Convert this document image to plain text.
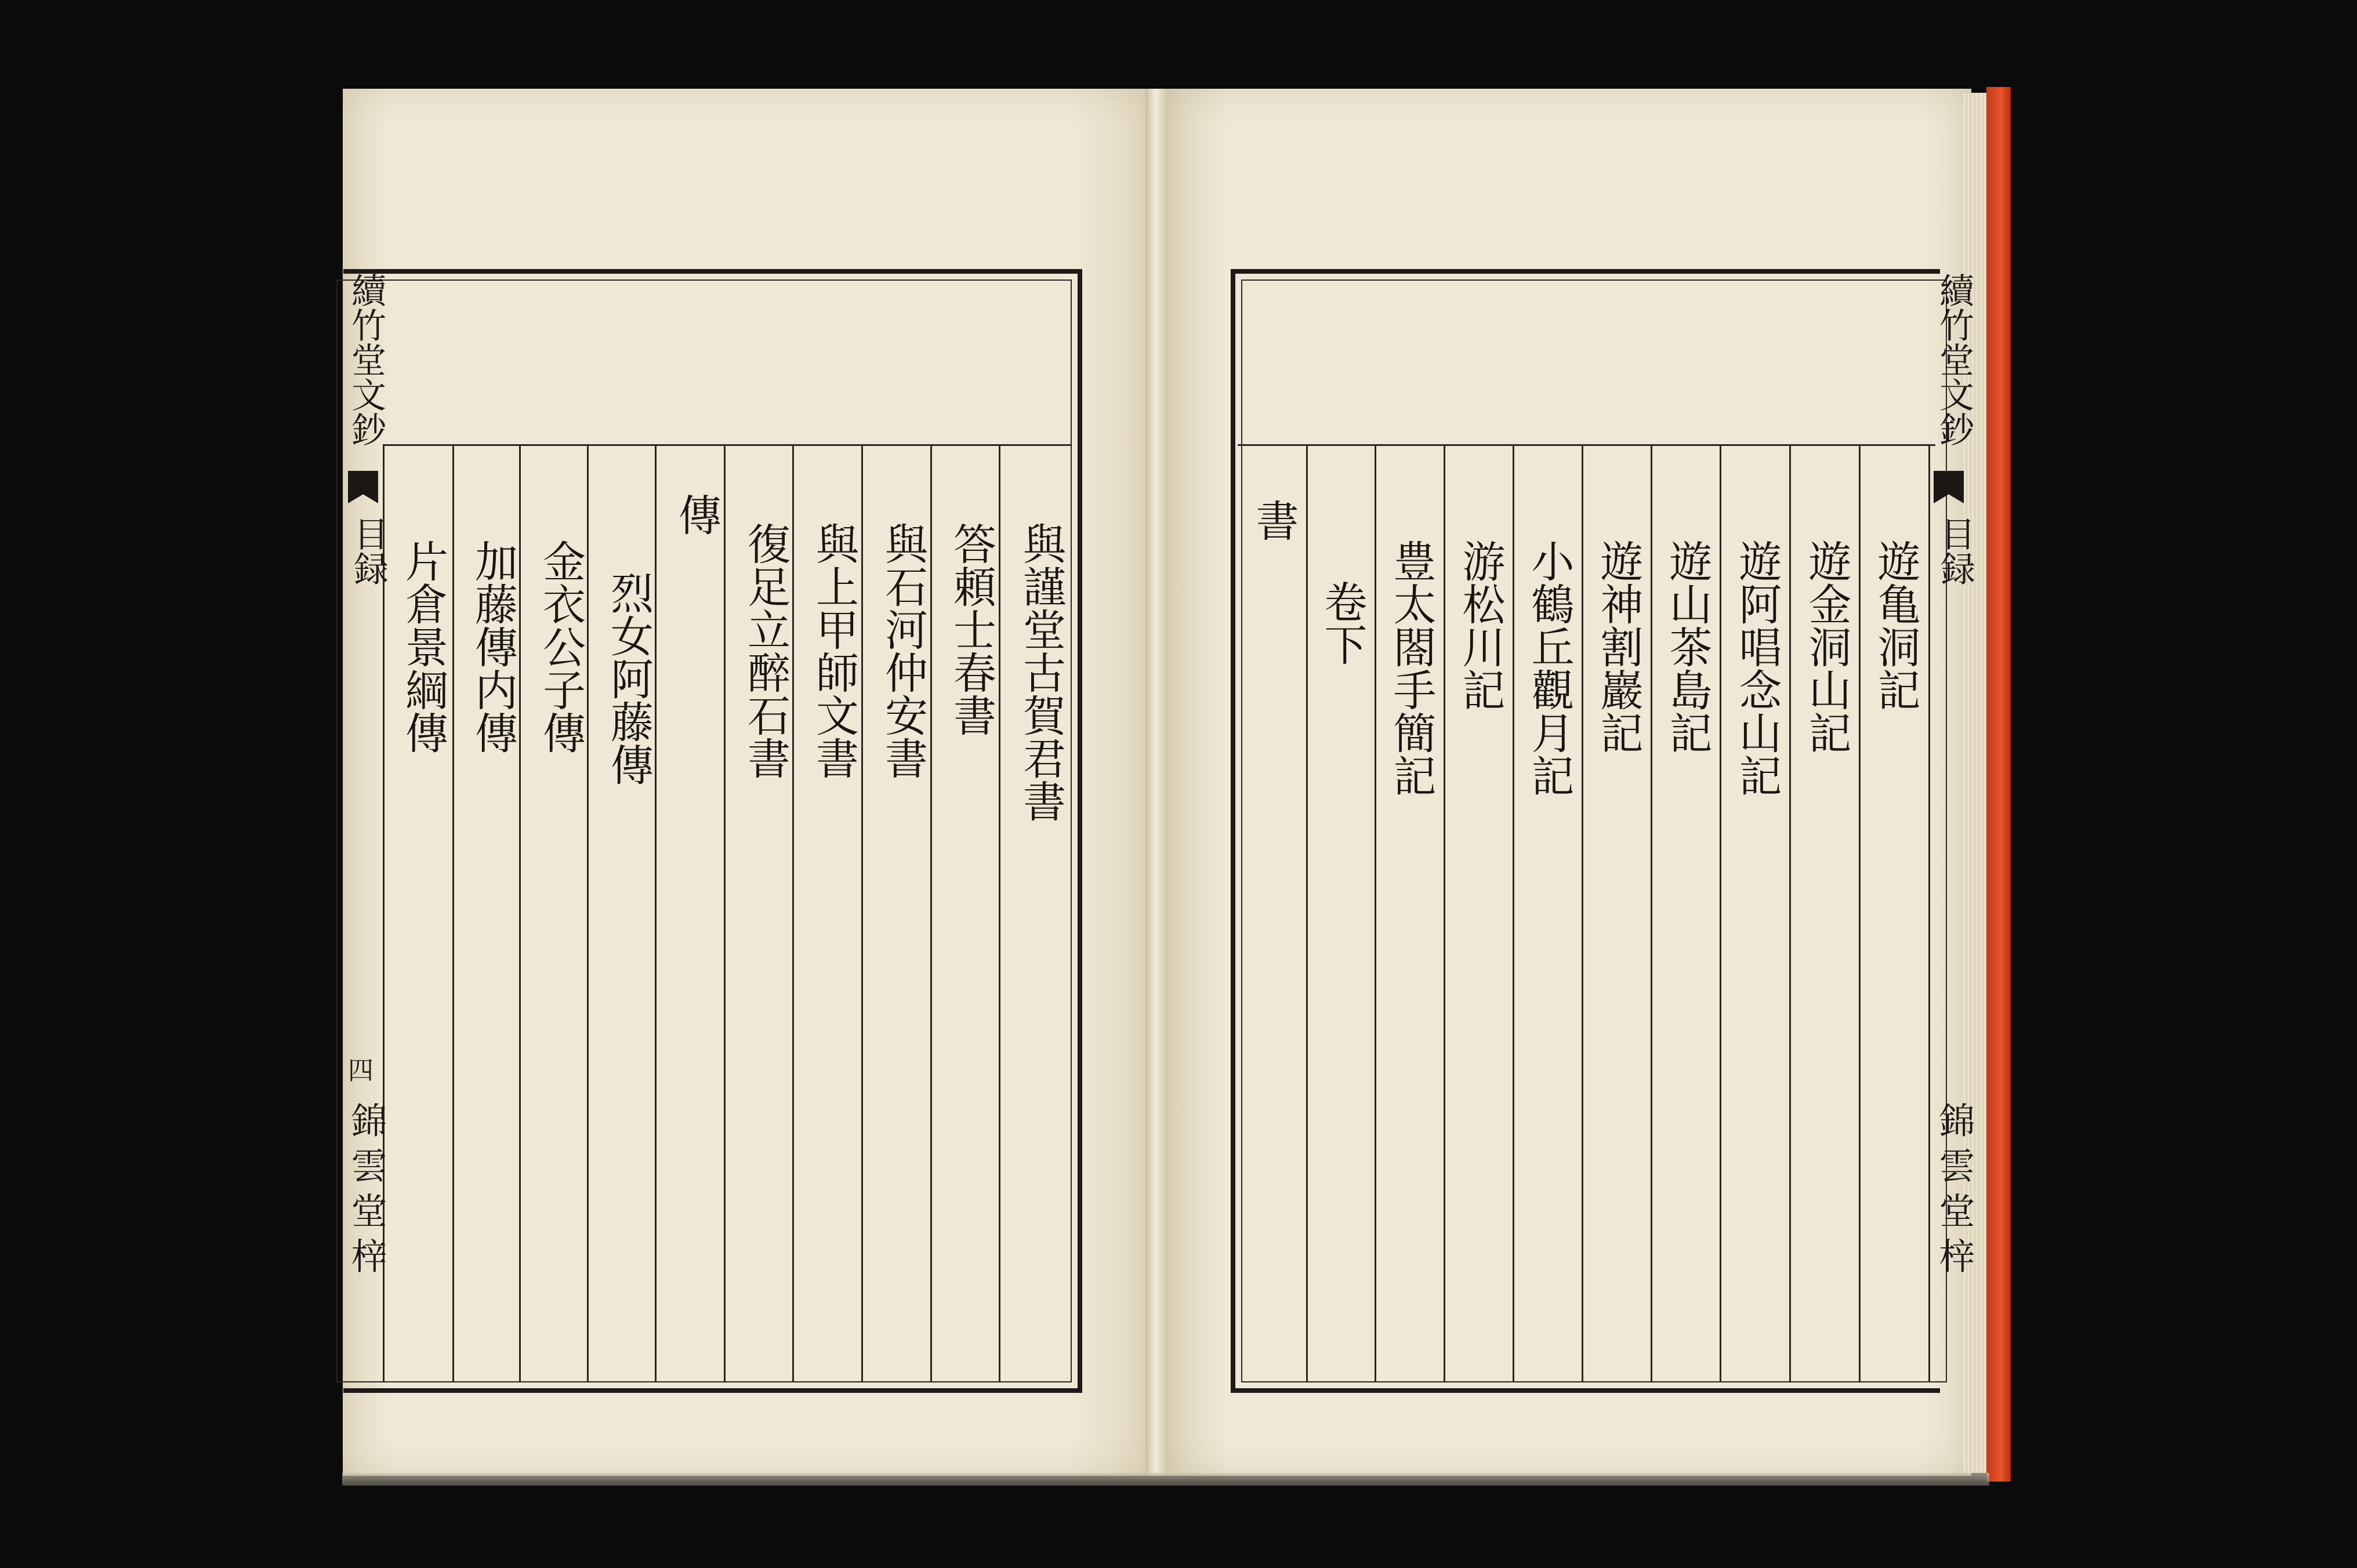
續竹堂文鈔
目録
四
錦雲堂梓
與謹堂古賀君書
答頼士春書
與石河仲安書
與上甲師文書
復足立醉石書
傳
烈女阿藤傳
金衣公子傳
加藤傳内傳
片倉景綱傳
續竹堂文鈔
目録
錦雲堂梓
遊亀洞記
遊金洞山記
遊阿唱念山記
遊山茶島記
遊神割巖記
小鶴丘觀月記
游松川記
豊太閤手簡記
卷下
書
